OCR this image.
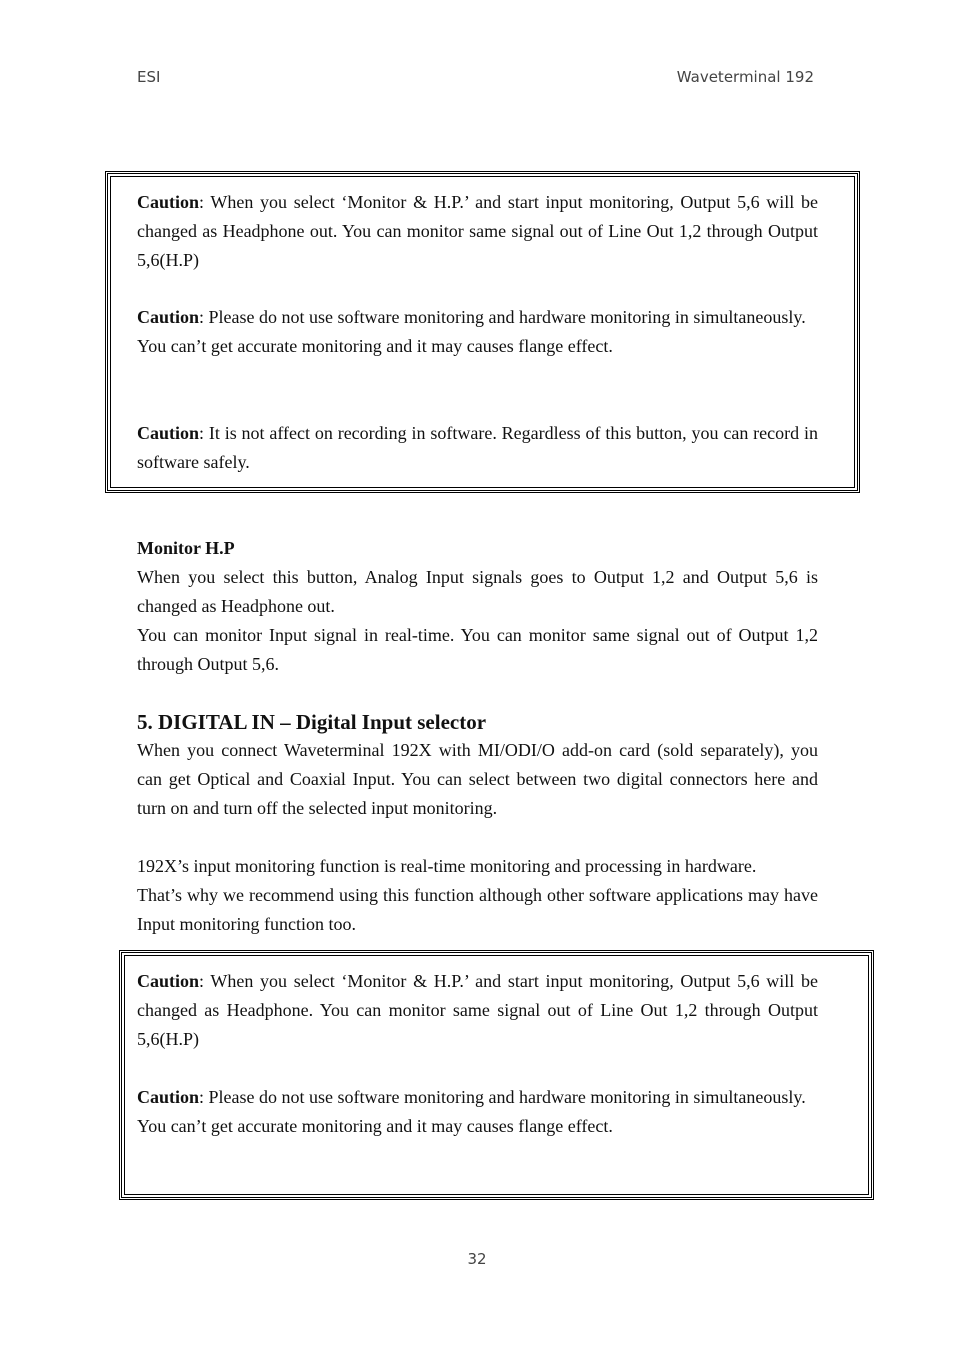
ESI	Waveterminal 192

Caution: When you select ‘Monitor & H.P.’ and start input monitoring, Output 5,6 will be changed as Headphone out. You can monitor same signal out of Line Out 1,2 through Output 5,6(H.P)

Caution: Please do not use software monitoring and hardware monitoring in simultaneously.
You can’t get accurate monitoring and it may causes flange effect.

Caution: It is not affect on recording in software. Regardless of this button, you can record in software safely.

Monitor H.P

When you select this button, Analog Input signals goes to Output 1,2 and Output 5,6 is changed as Headphone out.

You can monitor Input signal in real-time. You can monitor same signal out of Output 1,2 through Output 5,6.

5. DIGITAL IN – Digital Input selector

When you connect Waveterminal 192X with MI/ODI/O add-on card (sold separately), you can get Optical and Coaxial Input. You can select between two digital connectors here and turn on and turn off the selected input monitoring.

192X’s input monitoring function is real-time monitoring and processing in hardware.
That’s why we recommend using this function although other software applications may have Input monitoring function too.

Caution: When you select ‘Monitor & H.P.’ and start input monitoring, Output 5,6 will be changed as Headphone. You can monitor same signal out of Line Out 1,2 through Output 5,6(H.P)

Caution: Please do not use software monitoring and hardware monitoring in simultaneously.
You can’t get accurate monitoring and it may causes flange effect.

32
